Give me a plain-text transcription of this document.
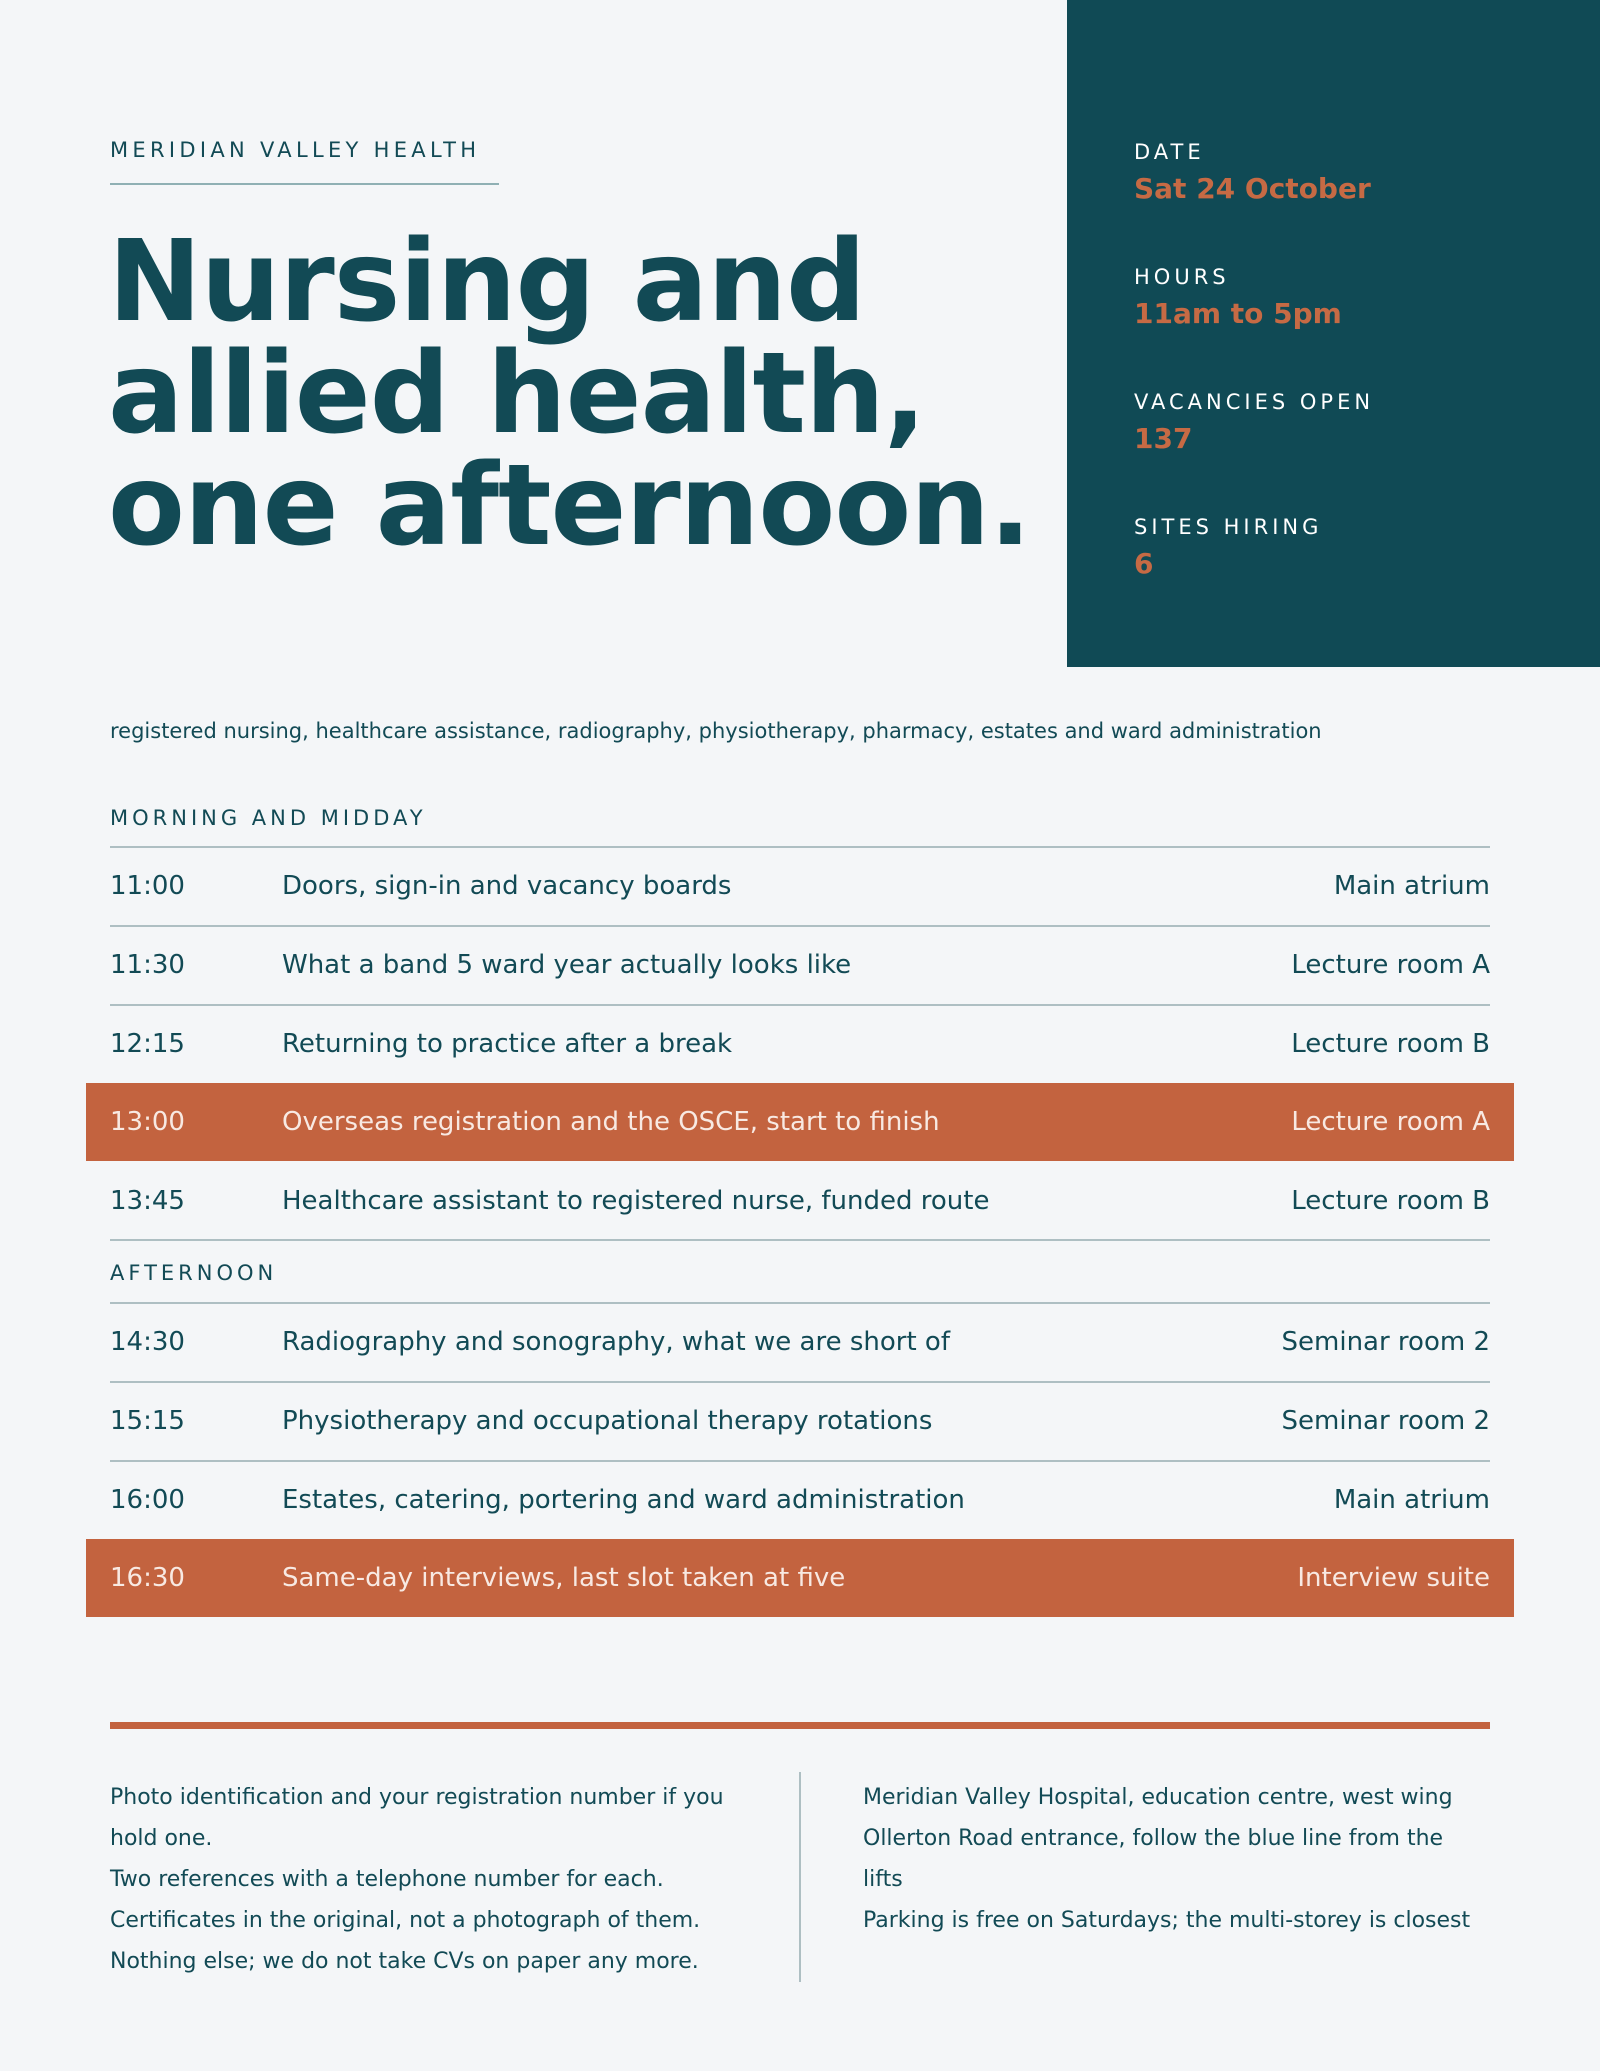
MERIDIAN VALLEY HEALTH
Nursing and
allied health,
one afternoon.
DATE
Sat 24 October
HOURS
11am to 5pm
VACANCIES OPEN
137
SITES HIRING
6
registered nursing, healthcare assistance, radiography, physiotherapy, pharmacy, estates and ward administration
MORNING AND MIDDAY
11:00	Doors, sign-in and vacancy boards	Main atrium
11:30	What a band 5 ward year actually looks like	Lecture room A
12:15	Returning to practice after a break	Lecture room B
13:00	Overseas registration and the OSCE, start to finish	Lecture room A
13:45	Healthcare assistant to registered nurse, funded route	Lecture room B
AFTERNOON
14:30	Radiography and sonography, what we are short of	Seminar room 2
15:15	Physiotherapy and occupational therapy rotations	Seminar room 2
16:00	Estates, catering, portering and ward administration	Main atrium
16:30	Same-day interviews, last slot taken at five	Interview suite

Photo identification and your registration number if you hold one.

Two references with a telephone number for each.

Certificates in the original, not a photograph of them.

Nothing else; we do not take CVs on paper any more.

Meridian Valley Hospital, education centre, west wing

Ollerton Road entrance, follow the blue line from the lifts

Parking is free on Saturdays; the multi-storey is closest
